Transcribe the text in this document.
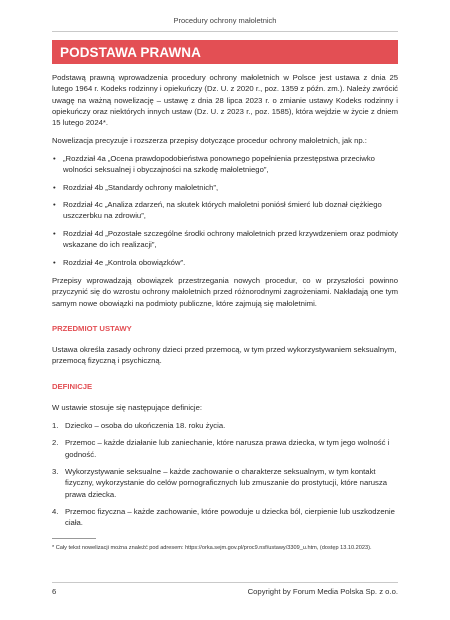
Procedury ochrony małoletnich
PODSTAWA PRAWNA

Podstawą prawną wprowadzenia procedury ochrony małoletnich w Polsce jest ustawa z dnia 25 lutego 1964 r. Kodeks rodzinny i opiekuńczy (Dz. U. z 2020 r., poz. 1359 z późn. zm.). Należy zwrócić uwagę na ważną nowelizację – ustawę z dnia 28 lipca 2023 r. o zmianie ustawy Kodeks rodzinny i opiekuńczy oraz niektórych innych ustaw (Dz. U. z 2023 r., poz. 1585), która wejdzie w życie z dniem 15 lutego 2024*.

Nowelizacja precyzuje i rozszerza przepisy dotyczące procedur ochrony małoletnich, jak np.:

• „Rozdział 4a „Ocena prawdopodobieństwa ponownego popełnienia przestępstwa przeciwko wolności seksualnej i obyczajności na szkodę małoletniego”,
• Rozdział 4b „Standardy ochrony małoletnich”,
• Rozdział 4c „Analiza zdarzeń, na skutek których małoletni poniósł śmierć lub doznał ciężkiego uszczerbku na zdrowiu”,
• Rozdział 4d „Pozostałe szczególne środki ochrony małoletnich przed krzywdzeniem oraz podmioty wskazane do ich realizacji”,
• Rozdział 4e „Kontrola obowiązków”.

Przepisy wprowadzają obowiązek przestrzegania nowych procedur, co w przyszłości powinno przyczynić się do wzrostu ochrony małoletnich przed różnorodnymi zagrożeniami. Nakładają one tym samym nowe obowiązki na podmioty publiczne, które zajmują się małoletnimi.

PRZEDMIOT USTAWY

Ustawa określa zasady ochrony dzieci przed przemocą, w tym przed wykorzystywaniem seksualnym, przemocą fizyczną i psychiczną.

DEFINICJE

W ustawie stosuje się następujące definicje:

1. Dziecko – osoba do ukończenia 18. roku życia.
2. Przemoc – każde działanie lub zaniechanie, które narusza prawa dziecka, w tym jego wolność i godność.
3. Wykorzystywanie seksualne – każde zachowanie o charakterze seksualnym, w tym kontakt fizyczny, wykorzystanie do celów pornograficznych lub zmuszanie do prostytucji, które narusza prawa dziecka.
4. Przemoc fizyczna – każde zachowanie, które powoduje u dziecka ból, cierpienie lub uszkodzenie ciała.
* Cały tekst nowelizacji można znaleźć pod adresem: https://orka.sejm.gov.pl/proc9.nsf/ustawy/3309_u.htm, (dostęp 13.10.2023).
6	Copyright by Forum Media Polska Sp. z o.o.
